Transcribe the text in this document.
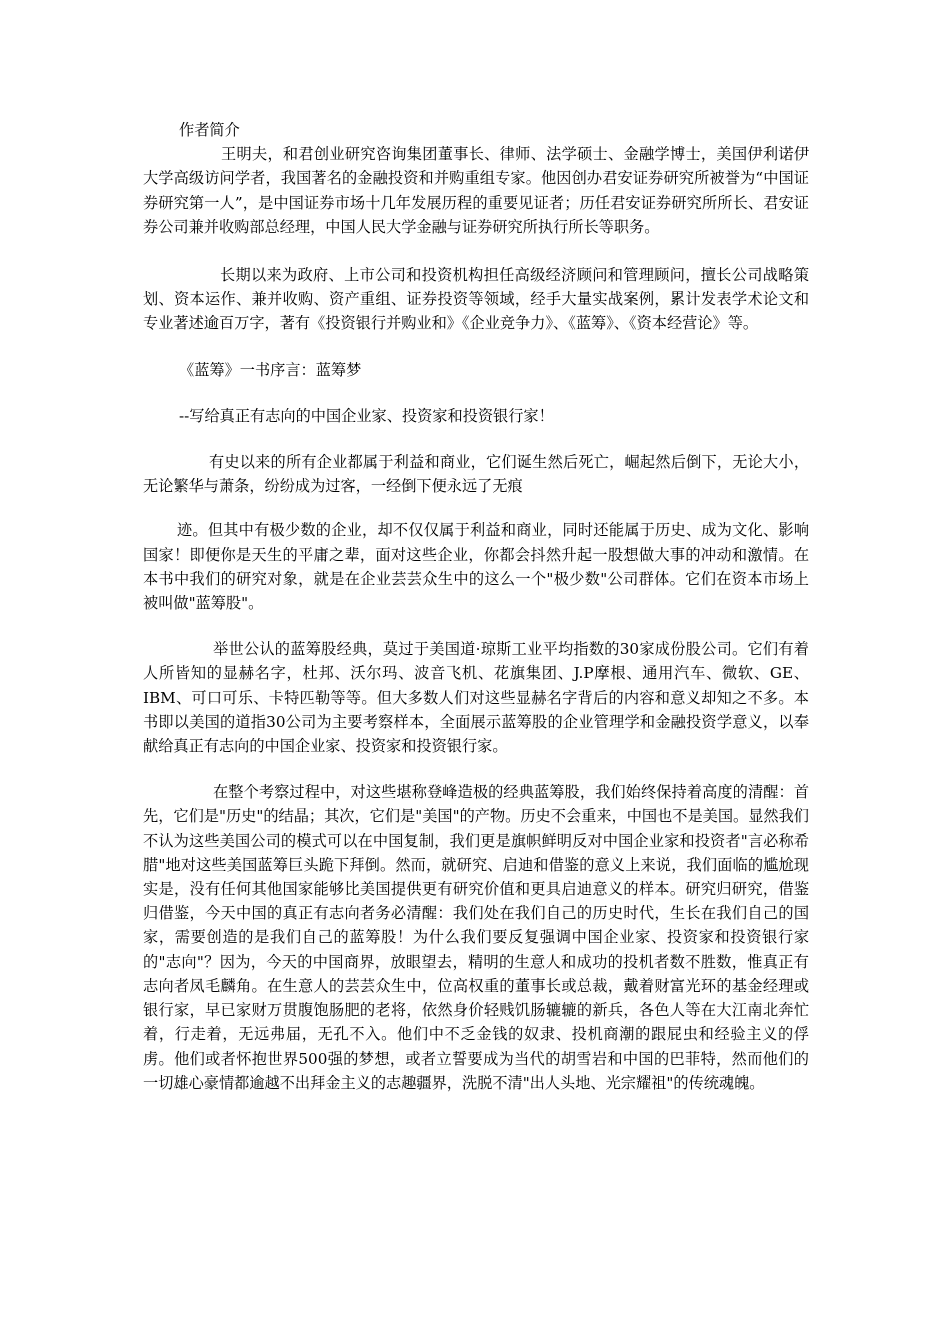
作者简介

王明夫，和君创业研究咨询集团董事长、律师、法学硕士、金融学博士，美国伊利诺伊大学高级访问学者，我国著名的金融投资和并购重组专家。他因创办君安证券研究所被誉为“中国证券研究第一人”，是中国证券市场十几年发展历程的重要见证者；历任君安证券研究所所长、君安证券公司兼并收购部总经理，中国人民大学金融与证券研究所执行所长等职务。

长期以来为政府、上市公司和投资机构担任高级经济顾问和管理顾问，擅长公司战略策划、资本运作、兼并收购、资产重组、证券投资等领域，经手大量实战案例，累计发表学术论文和专业著述逾百万字，著有《投资银行并购业和》《企业竞争力》、《蓝筹》、《资本经营论》等。

《蓝筹》一书序言：蓝筹梦

--写给真正有志向的中国企业家、投资家和投资银行家！

有史以来的所有企业都属于利益和商业，它们诞生然后死亡，崛起然后倒下，无论大小，无论繁华与萧条，纷纷成为过客，一经倒下便永远了无痕

迹。但其中有极少数的企业，却不仅仅属于利益和商业，同时还能属于历史、成为文化、影响国家！即便你是天生的平庸之辈，面对这些企业，你都会抖然升起一股想做大事的冲动和激情。在本书中我们的研究对象，就是在企业芸芸众生中的这么一个"极少数"公司群体。它们在资本市场上被叫做"蓝筹股"。

举世公认的蓝筹股经典，莫过于美国道·琼斯工业平均指数的30家成份股公司。它们有着人所皆知的显赫名字，杜邦、沃尔玛、波音飞机、花旗集团、J.P摩根、通用汽车、微软、GE、IBM、可口可乐、卡特匹勒等等。但大多数人们对这些显赫名字背后的内容和意义却知之不多。本书即以美国的道指30公司为主要考察样本，全面展示蓝筹股的企业管理学和金融投资学意义，以奉献给真正有志向的中国企业家、投资家和投资银行家。

在整个考察过程中，对这些堪称登峰造极的经典蓝筹股，我们始终保持着高度的清醒：首先，它们是"历史"的结晶；其次，它们是"美国"的产物。历史不会重来，中国也不是美国。显然我们不认为这些美国公司的模式可以在中国复制，我们更是旗帜鲜明反对中国企业家和投资者"言必称希腊"地对这些美国蓝筹巨头跪下拜倒。然而，就研究、启迪和借鉴的意义上来说，我们面临的尴尬现实是，没有任何其他国家能够比美国提供更有研究价值和更具启迪意义的样本。研究归研究，借鉴归借鉴，今天中国的真正有志向者务必清醒：我们处在我们自己的历史时代，生长在我们自己的国家，需要创造的是我们自己的蓝筹股！为什么我们要反复强调中国企业家、投资家和投资银行家的"志向"？因为，今天的中国商界，放眼望去，精明的生意人和成功的投机者数不胜数，惟真正有志向者凤毛麟角。在生意人的芸芸众生中，位高权重的董事长或总裁，戴着财富光环的基金经理或银行家，早已家财万贯腹饱肠肥的老将，依然身价轻贱饥肠辘辘的新兵，各色人等在大江南北奔忙着，行走着，无远弗届，无孔不入。他们中不乏金钱的奴隶、投机商潮的跟屁虫和经验主义的俘虏。他们或者怀抱世界500强的梦想，或者立誓要成为当代的胡雪岩和中国的巴菲特，然而他们的一切雄心豪情都逾越不出拜金主义的志趣疆界，洗脱不清"出人头地、光宗耀祖"的传统魂魄。
